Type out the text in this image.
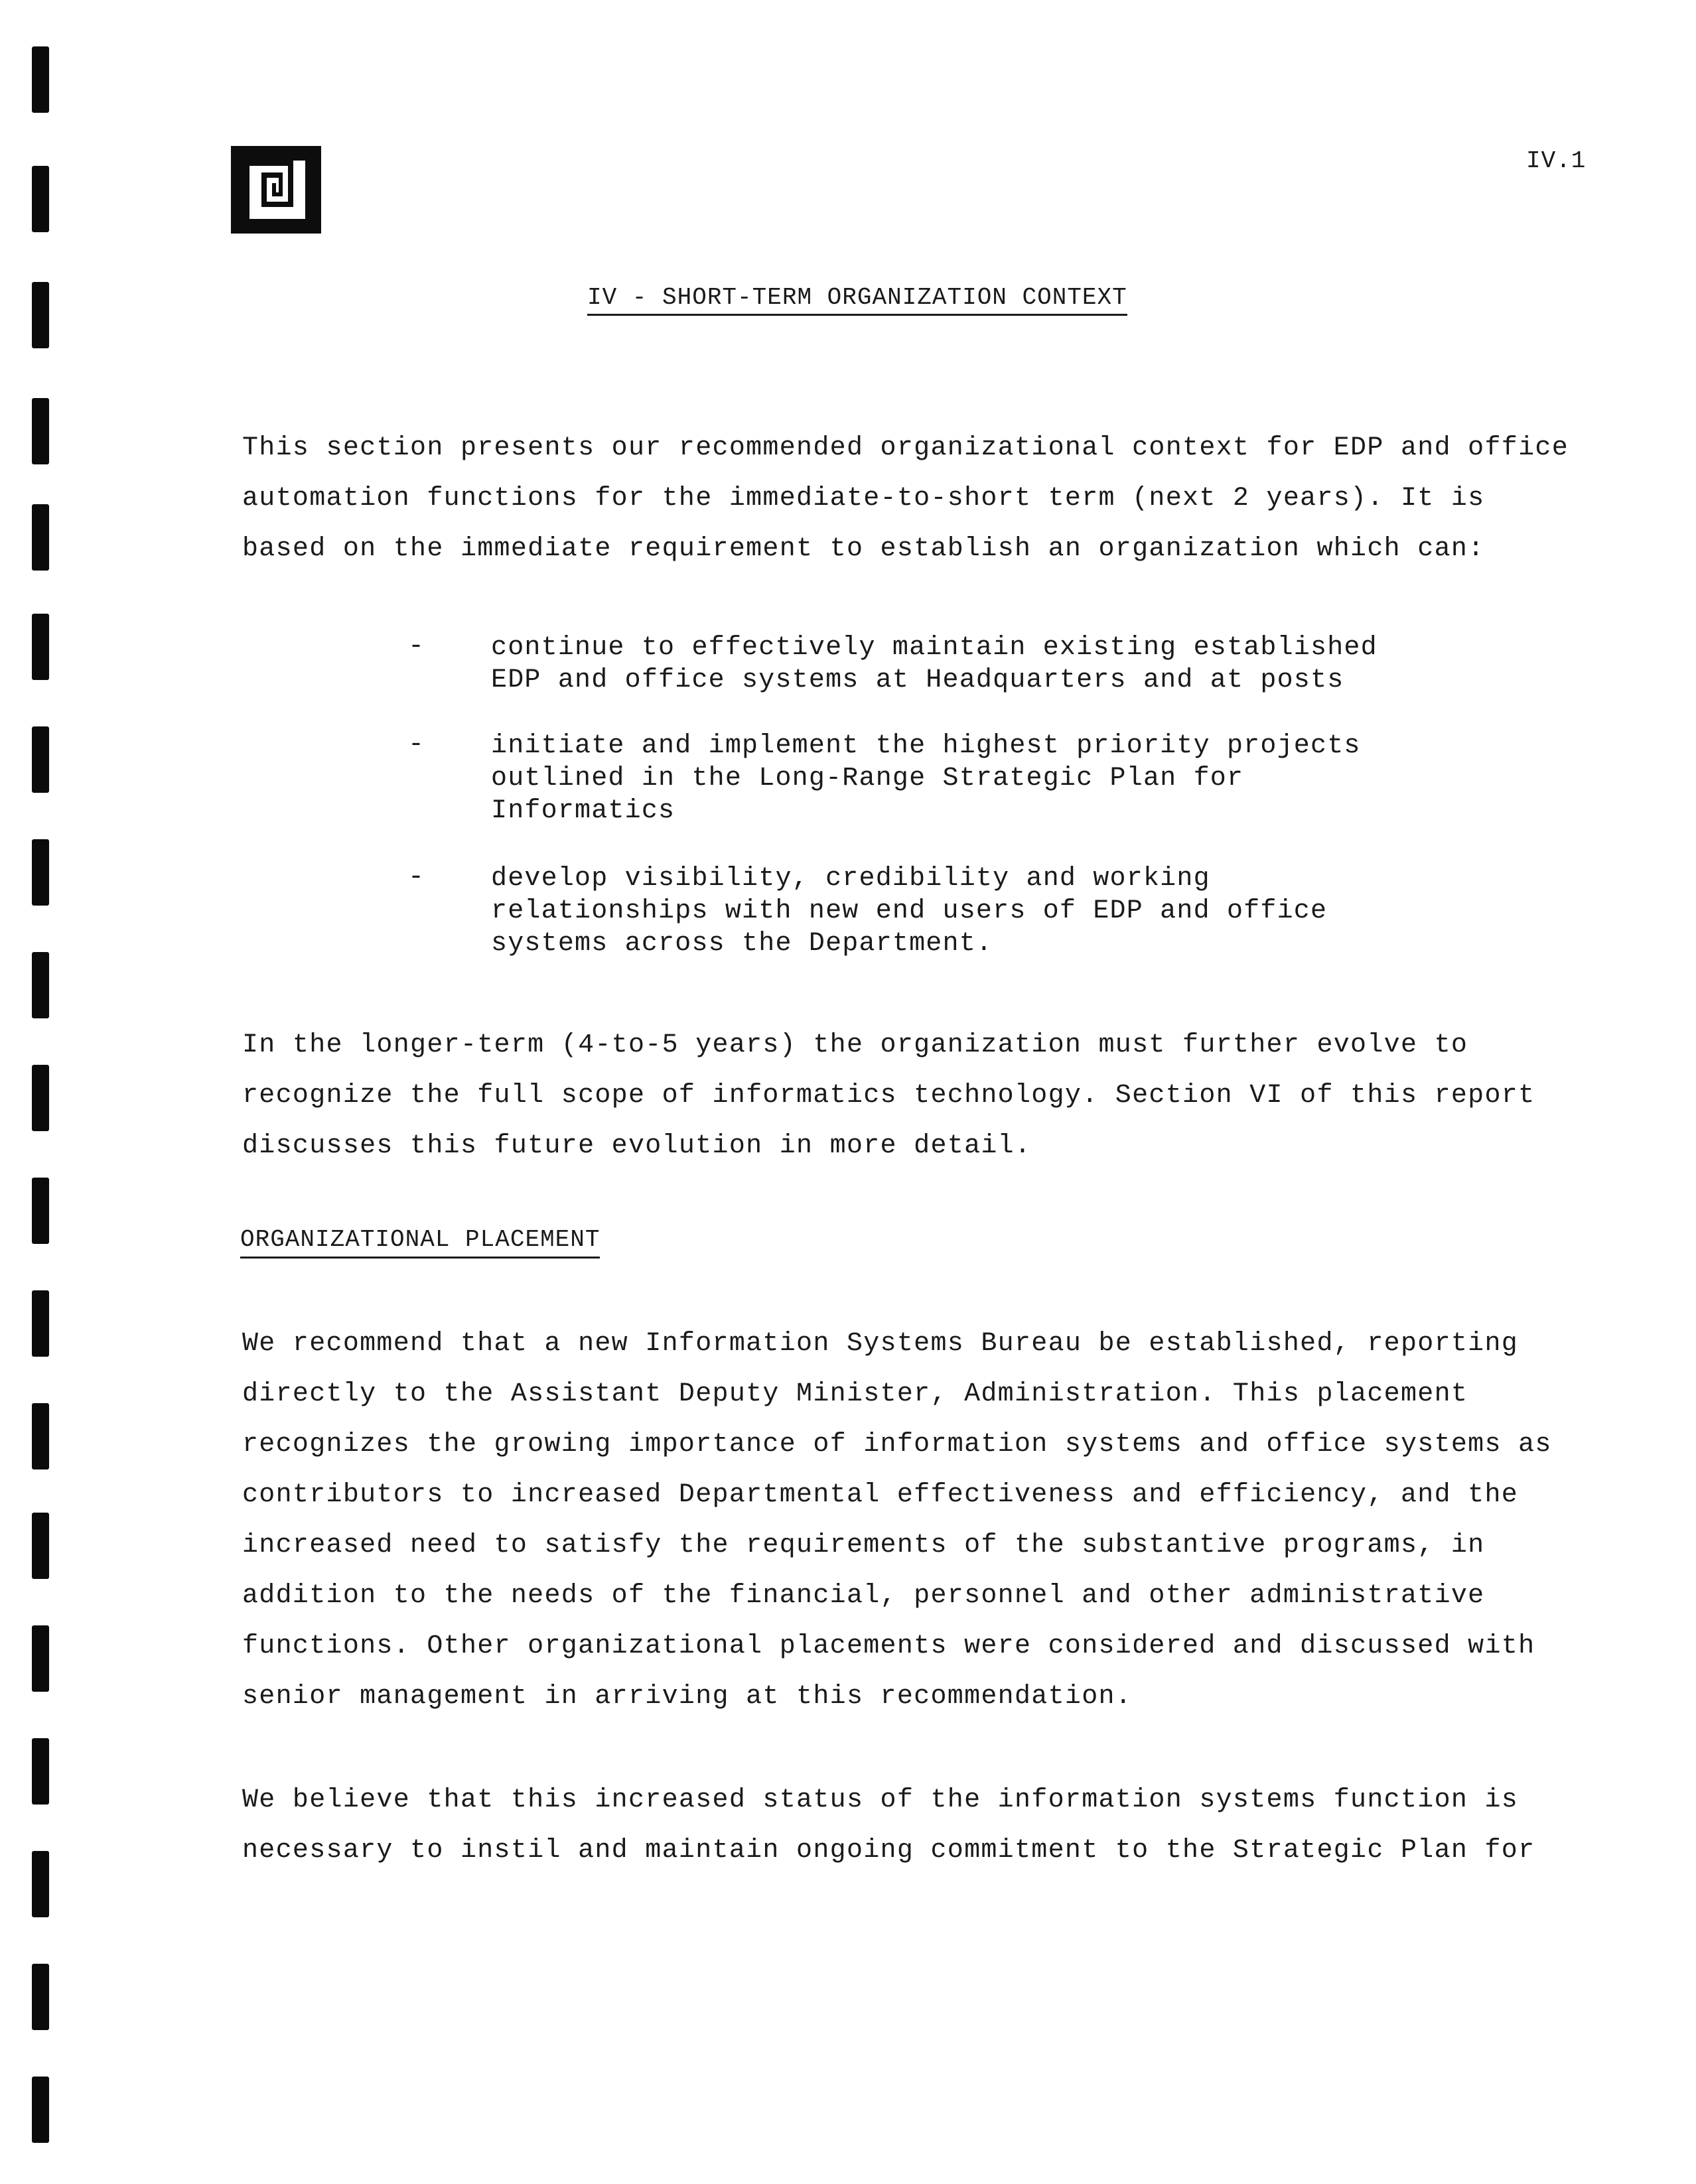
IV.1
IV - SHORT-TERM ORGANIZATION CONTEXT
This section presents our recommended organizational context for EDP and office
automation functions for the immediate-to-short term (next 2 years). It is
based on the immediate requirement to establish an organization which can:
-	continue to effectively maintain existing established
EDP and office systems at Headquarters and at posts
-	initiate and implement the highest priority projects
outlined in the Long-Range Strategic Plan for
Informatics
-	develop visibility, credibility and working
relationships with new end users of EDP and office
systems across the Department.
In the longer-term (4-to-5 years) the organization must further evolve to
recognize the full scope of informatics technology. Section VI of this report
discusses this future evolution in more detail.
ORGANIZATIONAL PLACEMENT
We recommend that a new Information Systems Bureau be established, reporting
directly to the Assistant Deputy Minister, Administration. This placement
recognizes the growing importance of information systems and office systems as
contributors to increased Departmental effectiveness and efficiency, and the
increased need to satisfy the requirements of the substantive programs, in
addition to the needs of the financial, personnel and other administrative
functions. Other organizational placements were considered and discussed with
senior management in arriving at this recommendation.
We believe that this increased status of the information systems function is
necessary to instil and maintain ongoing commitment to the Strategic Plan for
